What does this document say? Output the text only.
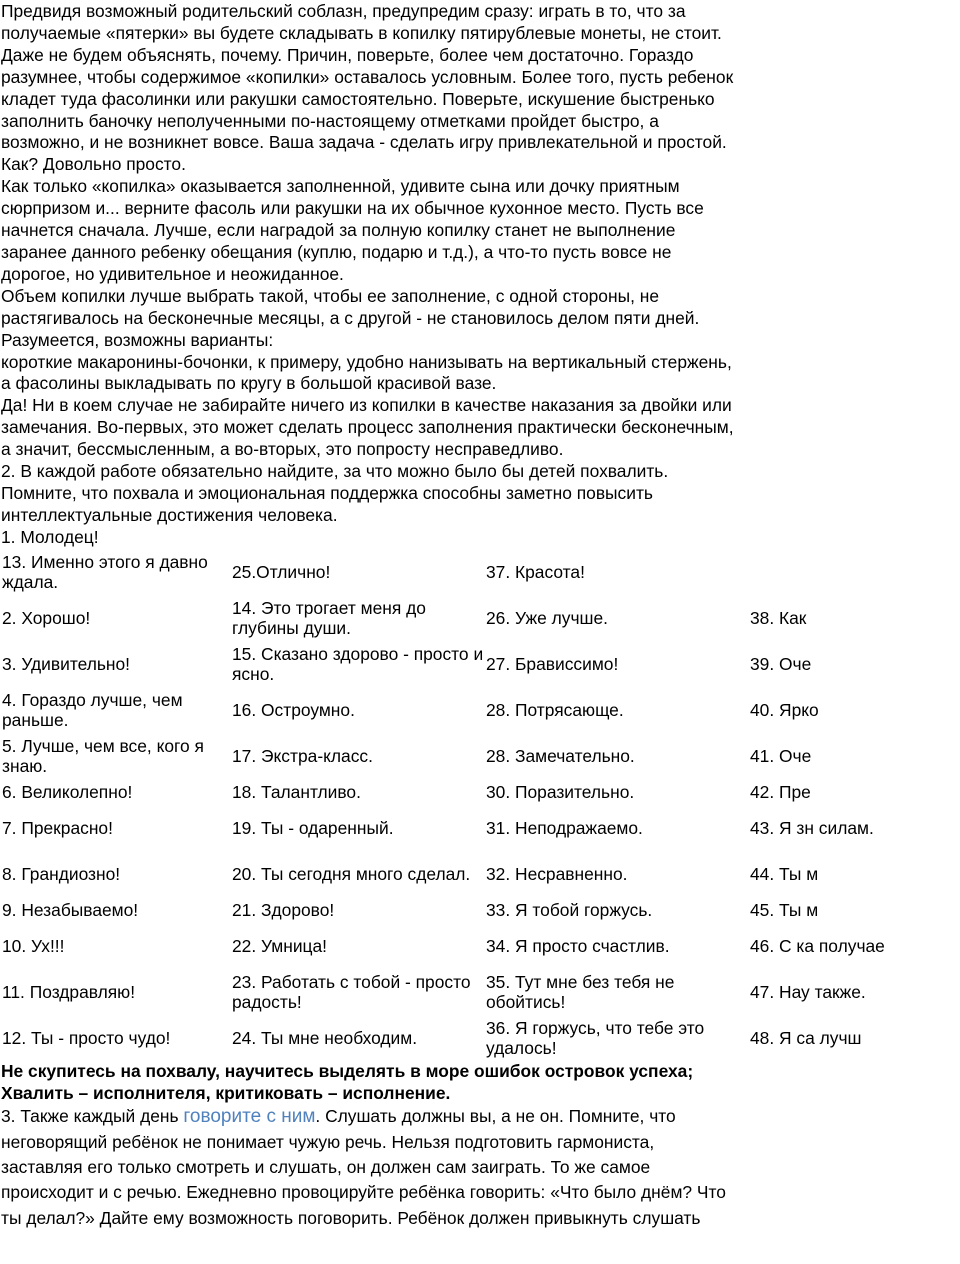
Предвидя возможный родительский соблазн, предупредим сразу: играть в то, что за

получаемые «пятерки» вы будете складывать в копилку пятирублевые монеты, не стоит.

Даже не будем объяснять, почему. Причин, поверьте, более чем достаточно. Гораздо

разумнее, чтобы содержимое «копилки» оставалось условным. Более того, пусть ребенок

кладет туда фасолинки или ракушки самостоятельно. Поверьте, искушение быстренько

заполнить баночку неполученными по-настоящему отметками пройдет быстро, а

возможно, и не возникнет вовсе. Ваша задача - сделать игру привлекательной и простой.

Как? Довольно просто.

Как только «копилка» оказывается заполненной, удивите сына или дочку приятным

сюрпризом и... верните фасоль или ракушки на их обычное кухонное место. Пусть все

начнется сначала. Лучше, если наградой за полную копилку станет не выполнение

заранее данного ребенку обещания (куплю, подарю и т.д.), а что-то пусть вовсе не

дорогое, но удивительное и неожиданное.

Объем копилки лучше выбрать такой, чтобы ее заполнение, с одной стороны, не

растягивалось на бесконечные месяцы, а с другой - не становилось делом пяти дней.

Разумеется, возможны варианты:

короткие макаронины-бочонки, к примеру, удобно нанизывать на вертикальный стержень,

а фасолины выкладывать по кругу в большой красивой вазе.

Да! Ни в коем случае не забирайте ничего из копилки в качестве наказания за двойки или

замечания. Во-первых, это может сделать процесс заполнения практически бесконечным,

а значит, бессмысленным, а во-вторых, это попросту несправедливо.

2. В каждой работе обязательно найдите, за что можно было бы детей похвалить.

Помните, что похвала и эмоциональная поддержка способны заметно повысить

интеллектуальные достижения человека.

1. Молодец!

13. Именно этого я давно ждала.	25.Отлично!	37. Красота!	
2. Хорошо!	14. Это трогает меня до глубины души.	26. Уже лучше.	38. Как
3. Удивительно!	15. Сказано здорово - просто и ясно.	27. Брависсимо!	39. Оче
4. Гораздо лучше, чем раньше.	16. Остроумно.	28. Потрясающе.	40. Ярко
5. Лучше, чем все, кого я знаю.	17. Экстра-класс.	28. Замечательно.	41. Оче
6. Великолепно!	18. Талантливо.	30. Поразительно.	42. Пре
7. Прекрасно!	19. Ты - одаренный.	31. Неподражаемо.	43. Я зн силам.
8. Грандиозно!	20. Ты сегодня много сделал.	32. Несравненно.	44. Ты м
9. Незабываемо!	21. Здорово!	33. Я тобой горжусь.	45. Ты м
10. Ух!!!	22. Умница!	34. Я просто счастлив.	46. С ка получае
11. Поздравляю!	23. Работать с тобой - просто радость!	35. Тут мне без тебя не обойтись!	47. Нау также.
12. Ты - просто чудо!	24. Ты мне необходим.	36. Я горжусь, что тебе это удалось!	48. Я са лучш

Не скупитесь на похвалу, научитесь выделять в море ошибок островок успеха;

Хвалить – исполнителя, критиковать – исполнение.

3. Также каждый день говорите с ним. Слушать должны вы, а не он. Помните, что

неговорящий ребёнок не понимает чужую речь. Нельзя подготовить гармониста,

заставляя его только смотреть и слушать, он должен сам заиграть. То же самое

происходит и с речью. Ежедневно провоцируйте ребёнка говорить: «Что было днём? Что

ты делал?» Дайте ему возможность поговорить. Ребёнок должен привыкнуть слушать
